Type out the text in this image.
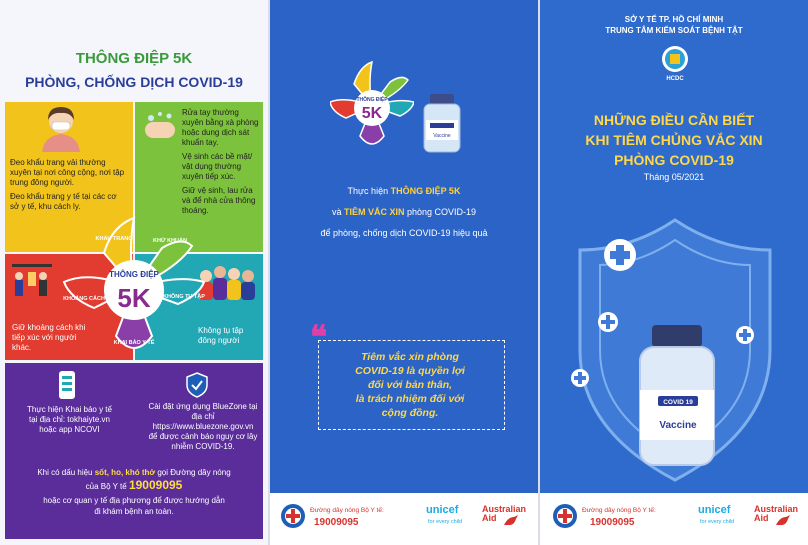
THÔNG ĐIỆP 5K
PHÒNG, CHỐNG DỊCH COVID-19

Đeo khẩu trang vải thường xuyên tại nơi công cộng, nơi tập trung đông người.

Đeo khẩu trang y tế tại các cơ sở y tế, khu cách ly.

Rửa tay thường xuyên bằng xà phòng hoặc dung dịch sát khuẩn tay.

Vệ sinh các bề mặt/ vật dụng thường xuyên tiếp xúc.

Giữ vệ sinh, lau rửa và để nhà cửa thông thoáng.

Giữ khoảng cách khi tiếp xúc với người khác.
Không tụ tập đông người
THÔNG ĐIỆP
5K
KHẨU TRANG	KHỬ KHUẨN
KHOẢNG CÁCH	KHÔNG TỤ TẬP
KHAI BÁO Y TẾ
Thực hiện Khai báo y tế tại địa chỉ: tokhaiyte.vn hoặc app NCOVI
Cài đặt ứng dụng BlueZone tại địa chỉ https://www.bluezone.gov.vn để được cảnh báo nguy cơ lây nhiễm COVID-19.
Khi có dấu hiệu sốt, ho, khó thở gọi Đường dây nóng
của Bộ Y tế 19009095
hoặc cơ quan y tế địa phương để được hướng dẫn
đi khám bệnh an toàn.
THÔNG ĐIỆP
5K
Vaccine
Thực hiện THÔNG ĐIỆP 5K
và TIÊM VẮC XIN phòng COVID-19
để phòng, chống dịch COVID-19 hiệu quả
❝
Tiêm vắc xin phòng
COVID-19 là quyền lợi
đối với bản thân,
là trách nhiệm đối với
cộng đồng.
Đường dây nóng Bộ Y tế:
19009095
unicef
for every child
Australian
Aid
SỞ Y TẾ TP. HỒ CHÍ MINH
TRUNG TÂM KIỂM SOÁT BỆNH TẬT
HCDC
NHỮNG ĐIỀU CẦN BIẾT
KHI TIÊM CHỦNG VẮC XIN
PHÒNG COVID-19
Tháng 05/2021
COVID 19
Vaccine
Đường dây nóng Bộ Y tế:
19009095
unicef
for every child
Australian
Aid
